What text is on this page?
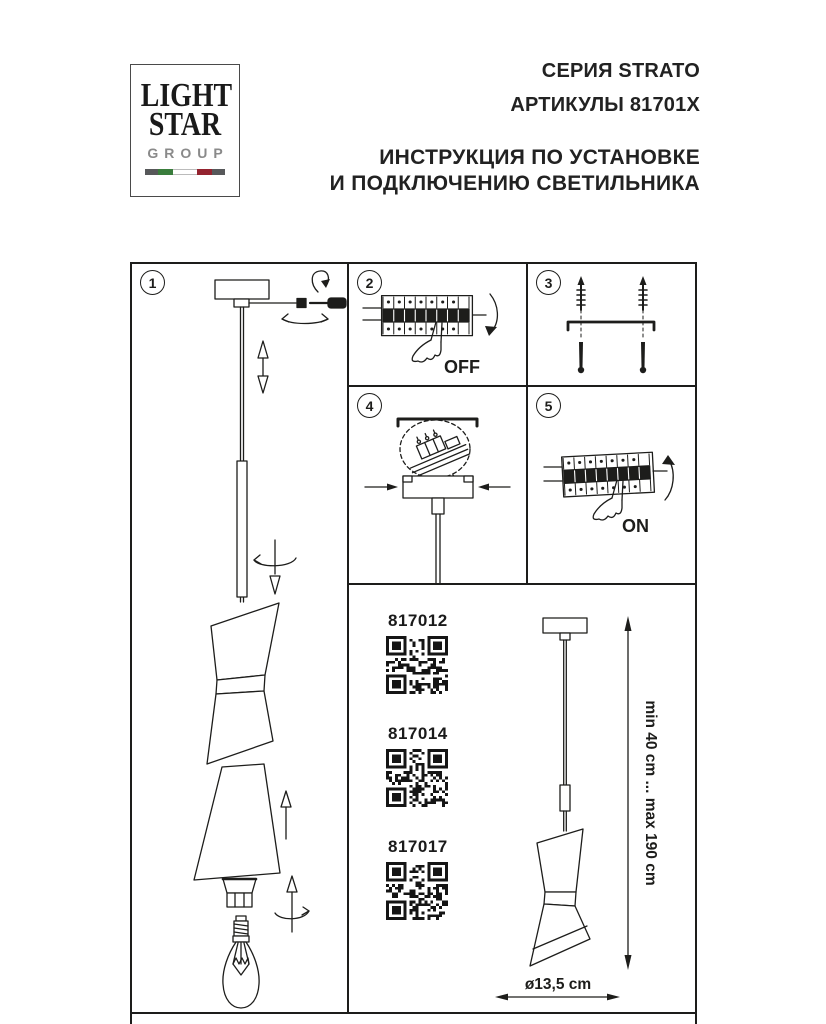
LIGHT
STAR
GROUP
СЕРИЯ STRATO
АРТИКУЛЫ 81701X
ИНСТРУКЦИЯ ПО УСТАНОВКЕ
И ПОДКЛЮЧЕНИЮ СВЕТИЛЬНИКА
1	2
OFF
3
4	5
ON
817012
817014
817017	min 40 cm ... max 190 cm
ø13,5 cm
